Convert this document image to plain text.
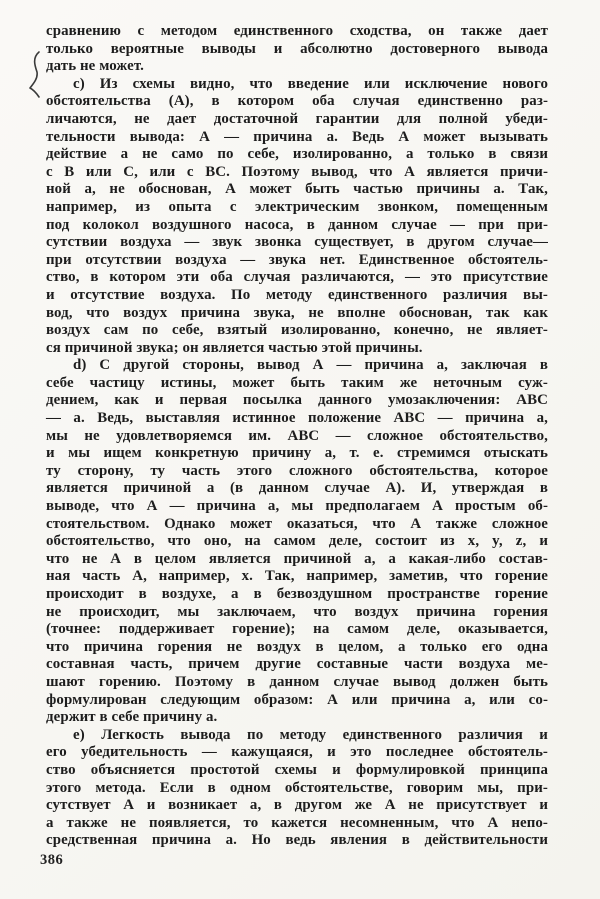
сравнению с методом единственного сходства, он также дает
только вероятные выводы и абсолютно достоверного вывода
дать не может.
с) Из схемы видно, что введение или исключение нового
обстоятельства (А), в котором оба случая единственно раз-
личаются, не дает достаточной гарантии для полной убеди-
тельности вывода: А — причина а. Ведь А может вызывать
действие а не само по себе, изолированно, а только в связи
с В или С, или с ВС. Поэтому вывод, что А является причи-
ной а, не обоснован, А может быть частью причины а. Так,
например, из опыта с электрическим звонком, помещенным
под колокол воздушного насоса, в данном случае — при при-
сутствии воздуха — звук звонка существует, в другом случае—
при отсутствии воздуха — звука нет. Единственное обстоятель-
ство, в котором эти оба случая различаются, — это присутствие
и отсутствие воздуха. По методу единственного различия вы-
вод, что воздух причина звука, не вполне обоснован, так как
воздух сам по себе, взятый изолированно, конечно, не являет-
ся причиной звука; он является частью этой причины.
d) С другой стороны, вывод А — причина а, заключая в
себе частицу истины, может быть таким же неточным суж-
дением, как и первая посылка данного умозаключения: АВС
— а. Ведь, выставляя истинное положение АВС — причина а,
мы не удовлетворяемся им. АВС — сложное обстоятельство,
и мы ищем конкретную причину а, т. е. стремимся отыскать
ту сторону, ту часть этого сложного обстоятельства, которое
является причиной а (в данном случае А). И, утверждая в
выводе, что А — причина а, мы предполагаем А простым об-
стоятельством. Однако может оказаться, что А также сложное
обстоятельство, что оно, на самом деле, состоит из x, y, z, и
что не А в целом является причиной а, а какая-либо состав-
ная часть А, например, x. Так, например, заметив, что горение
происходит в воздухе, а в безвоздушном пространстве горение
не происходит, мы заключаем, что воздух причина горения
(точнее: поддерживает горение); на самом деле, оказывается,
что причина горения не воздух в целом, а только его одна
составная часть, причем другие составные части воздуха ме-
шают горению. Поэтому в данном случае вывод должен быть
формулирован следующим образом: А или причина а, или со-
держит в себе причину а.
е) Легкость вывода по методу единственного различия и
его убедительность — кажущаяся, и это последнее обстоятель-
ство объясняется простотой схемы и формулировкой принципа
этого метода. Если в одном обстоятельстве, говорим мы, при-
сутствует А и возникает а, в другом же А не присутствует и
а также не появляется, то кажется несомненным, что А непо-
средственная причина а. Но ведь явления в действительности
386
